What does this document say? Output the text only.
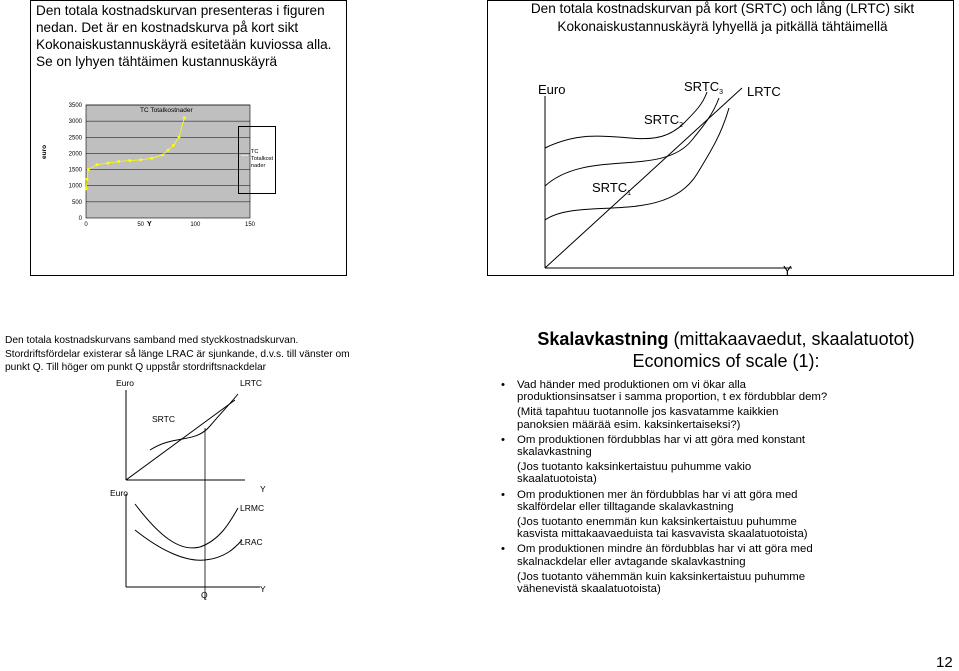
Den totala kostnadskurvan presenteras i figuren nedan. Det är en kostnadskurva på kort sikt Kokonaiskustannuskäyrä esitetään kuviossa alla. Se on lyhyen tähtäimen kustannuskäyrä

0
500
1000
1500
2000
2500
3000
3500
0	50	100	150
TC Totalkostnader
euro
Y
TC Totalkost nader

Den totala kostnadskurvan på kort (SRTC) och lång (LRTC) sikt Kokonaiskustannuskäyrä lyhyellä ja pitkällä tähtäimellä

Euro	$SRTC_3$ LRTC
$SRTC_2$
$SRTC_1$
Y

Den totala kostnadskurvans samband med styckkostnadskurvan. Stordriftsfördelar existerar så länge LRAC är sjunkande, d.v.s. till vänster om punkt Q. Till höger om punkt Q uppstår stordriftsnackdelar

Euro	LRTC
SRTC
Y
Euro
LRMC
LRAC
Q
Y

Skalavkastning (mittakaavaedut, skaalatuotot) Economics of scale (1):

• Vad händer med produktionen om vi ökar alla produktionsinsatser i samma proportion, t ex fördubblar dem?
(Mitä tapahtuu tuotannolle jos kasvatamme kaikkien panoksien määrää esim. kaksinkertaiseksi?)
• Om produktionen fördubblas har vi att göra med konstant skalavkastning
(Jos tuotanto kaksinkertaistuu puhumme vakio skaalatuotoista)
• Om produktionen mer än fördubblas har vi att göra med skalfördelar eller tilltagande skalavkastning
(Jos tuotanto enemmän kun kaksinkertaistuu puhumme kasvista mittakaavaeduista tai kasvavista skaalatuotoista)
• Om produktionen mindre än fördubblas har vi att göra med skalnackdelar eller avtagande skalavkastning
(Jos tuotanto vähemmän kuin kaksinkertaistuu puhumme vähenevistä skaalatuotoista)
12
